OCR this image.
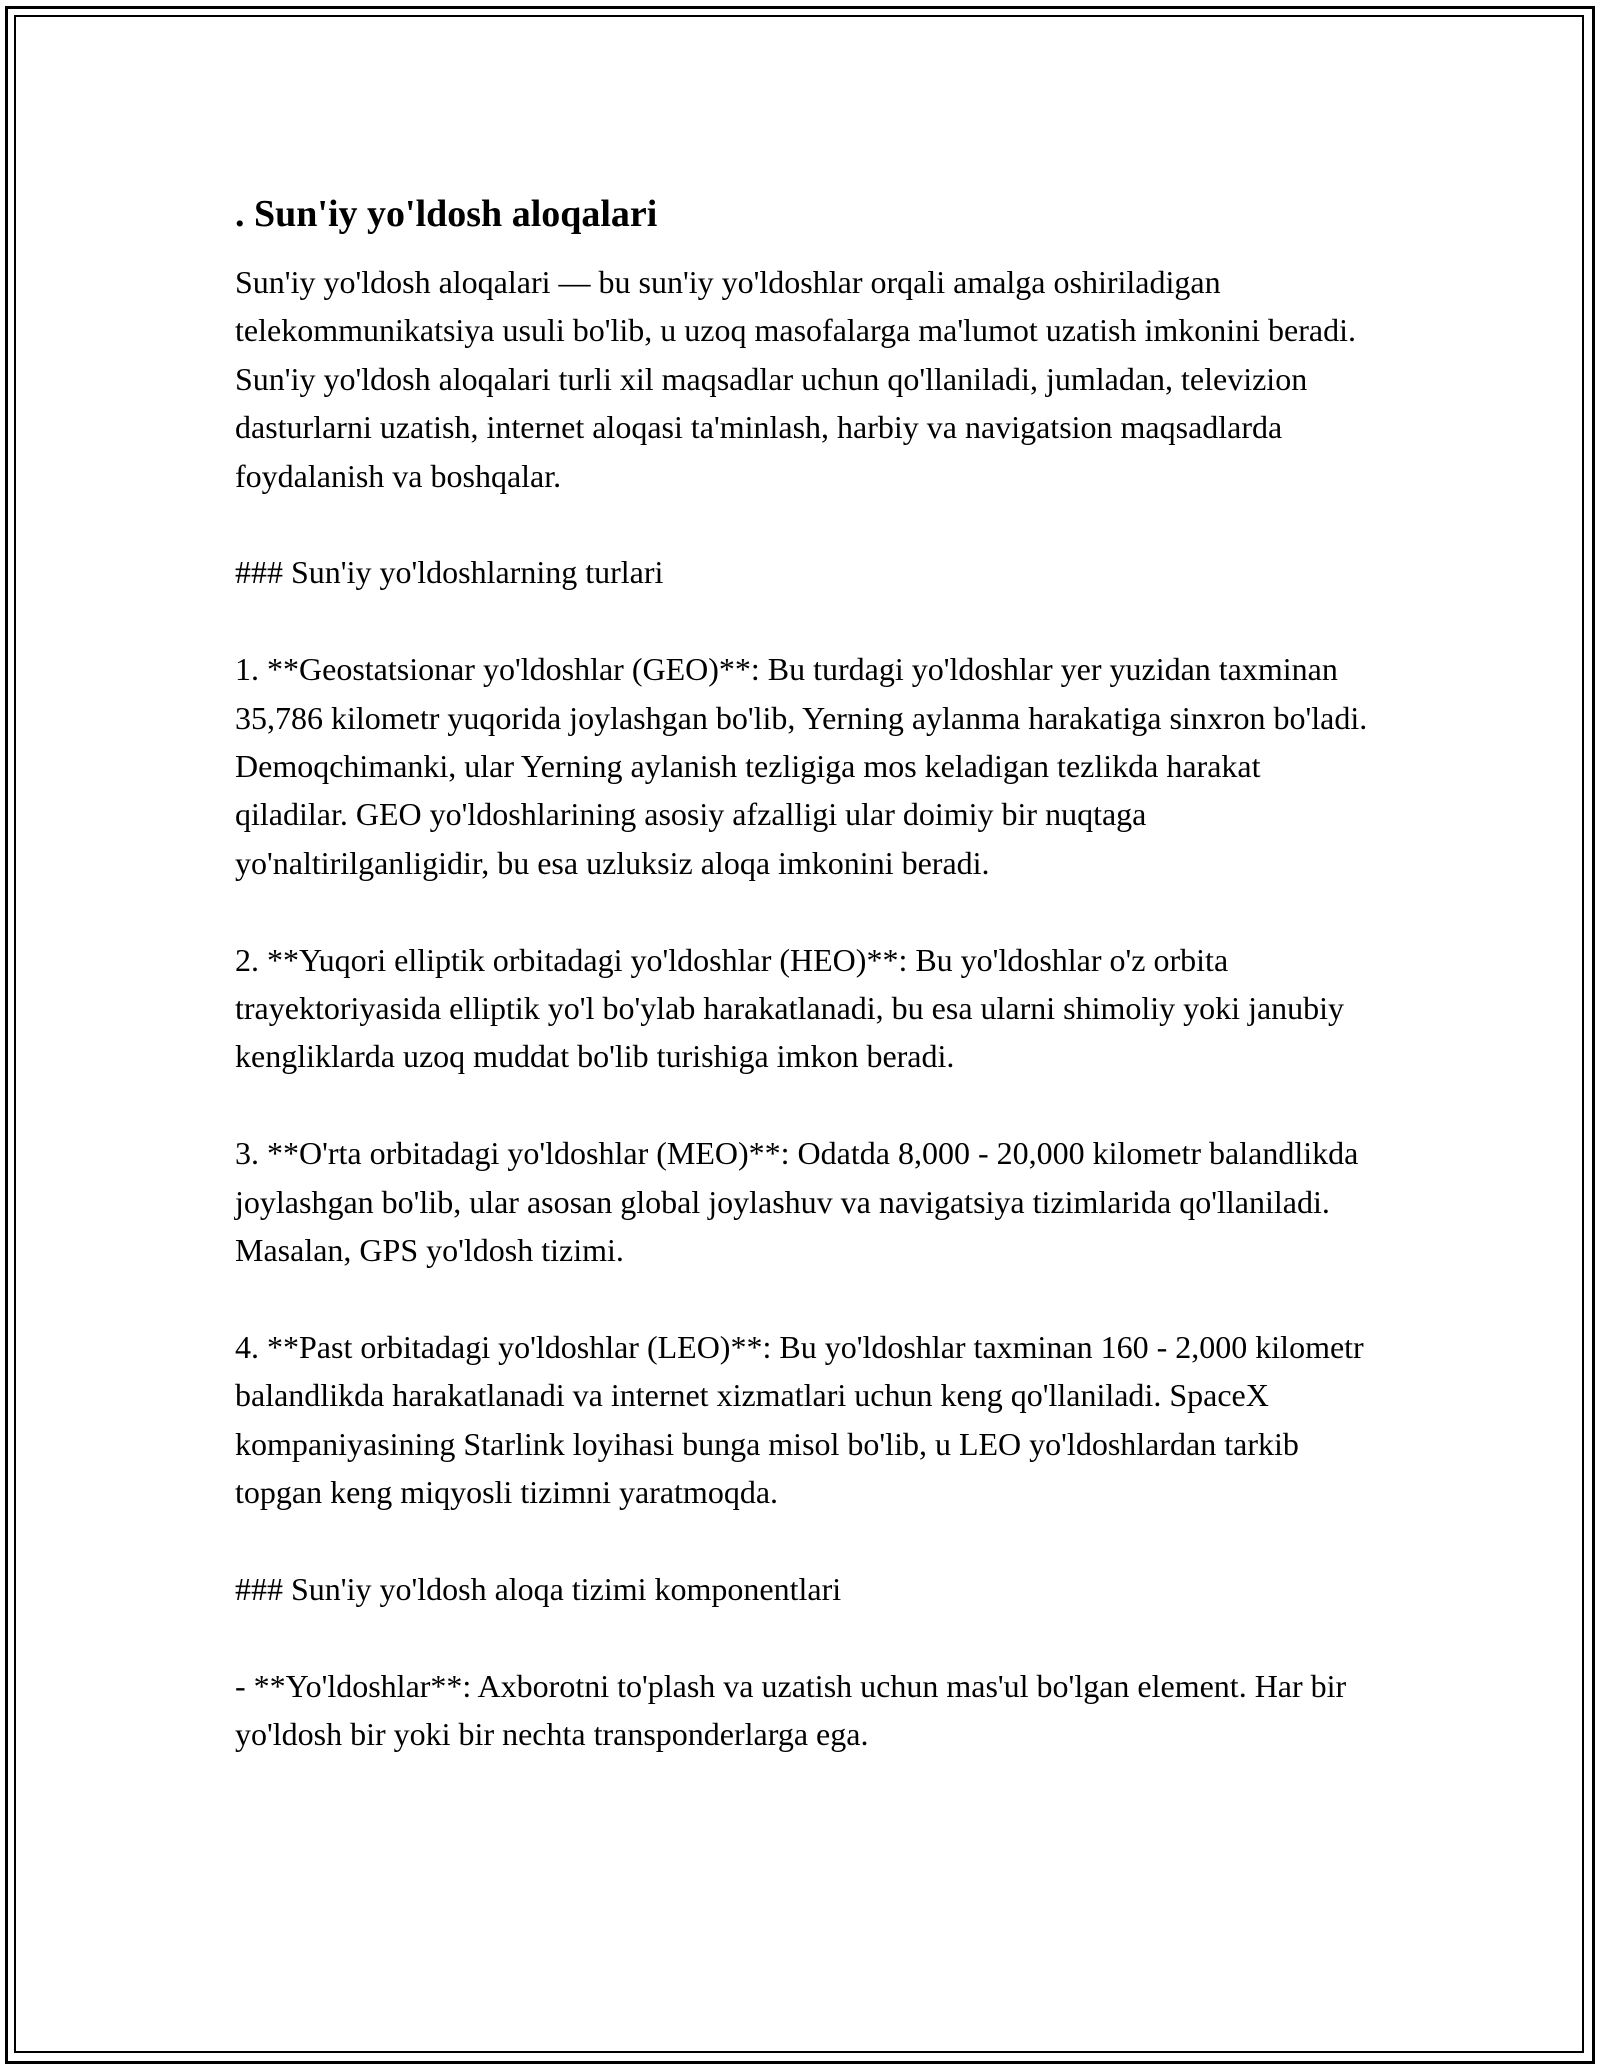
. Sun'iy yo'ldosh aloqalari

Sun'iy yo'ldosh aloqalari — bu sun'iy yo'ldoshlar orqali amalga oshiriladigan telekommunikatsiya usuli bo'lib, u uzoq masofalarga ma'lumot uzatish imkonini beradi. Sun'iy yo'ldosh aloqalari turli xil maqsadlar uchun qo'llaniladi, jumladan, televizion dasturlarni uzatish, internet aloqasi ta'minlash, harbiy va navigatsion maqsadlarda foydalanish va boshqalar.

### Sun'iy yo'ldoshlarning turlari

1. **Geostatsionar yo'ldoshlar (GEO)**: Bu turdagi yo'ldoshlar yer yuzidan taxminan 35,786 kilometr yuqorida joylashgan bo'lib, Yerning aylanma harakatiga sinxron bo'ladi. Demoqchimanki, ular Yerning aylanish tezligiga mos keladigan tezlikda harakat qiladilar. GEO yo'ldoshlarining asosiy afzalligi ular doimiy bir nuqtaga yo'naltirilganligidir, bu esa uzluksiz aloqa imkonini beradi.

2. **Yuqori elliptik orbitadagi yo'ldoshlar (HEO)**: Bu yo'ldoshlar o'z orbita trayektoriyasida elliptik yo'l bo'ylab harakatlanadi, bu esa ularni shimoliy yoki janubiy kengliklarda uzoq muddat bo'lib turishiga imkon beradi.

3. **O'rta orbitadagi yo'ldoshlar (MEO)**: Odatda 8,000 - 20,000 kilometr balandlikda joylashgan bo'lib, ular asosan global joylashuv va navigatsiya tizimlarida qo'llaniladi. Masalan, GPS yo'ldosh tizimi.

4. **Past orbitadagi yo'ldoshlar (LEO)**: Bu yo'ldoshlar taxminan 160 - 2,000 kilometr balandlikda harakatlanadi va internet xizmatlari uchun keng qo'llaniladi. SpaceX kompaniyasining Starlink loyihasi bunga misol bo'lib, u LEO yo'ldoshlardan tarkib topgan keng miqyosli tizimni yaratmoqda.

### Sun'iy yo'ldosh aloqa tizimi komponentlari

- **Yo'ldoshlar**: Axborotni to'plash va uzatish uchun mas'ul bo'lgan element. Har bir yo'ldosh bir yoki bir nechta transponderlarga ega.
